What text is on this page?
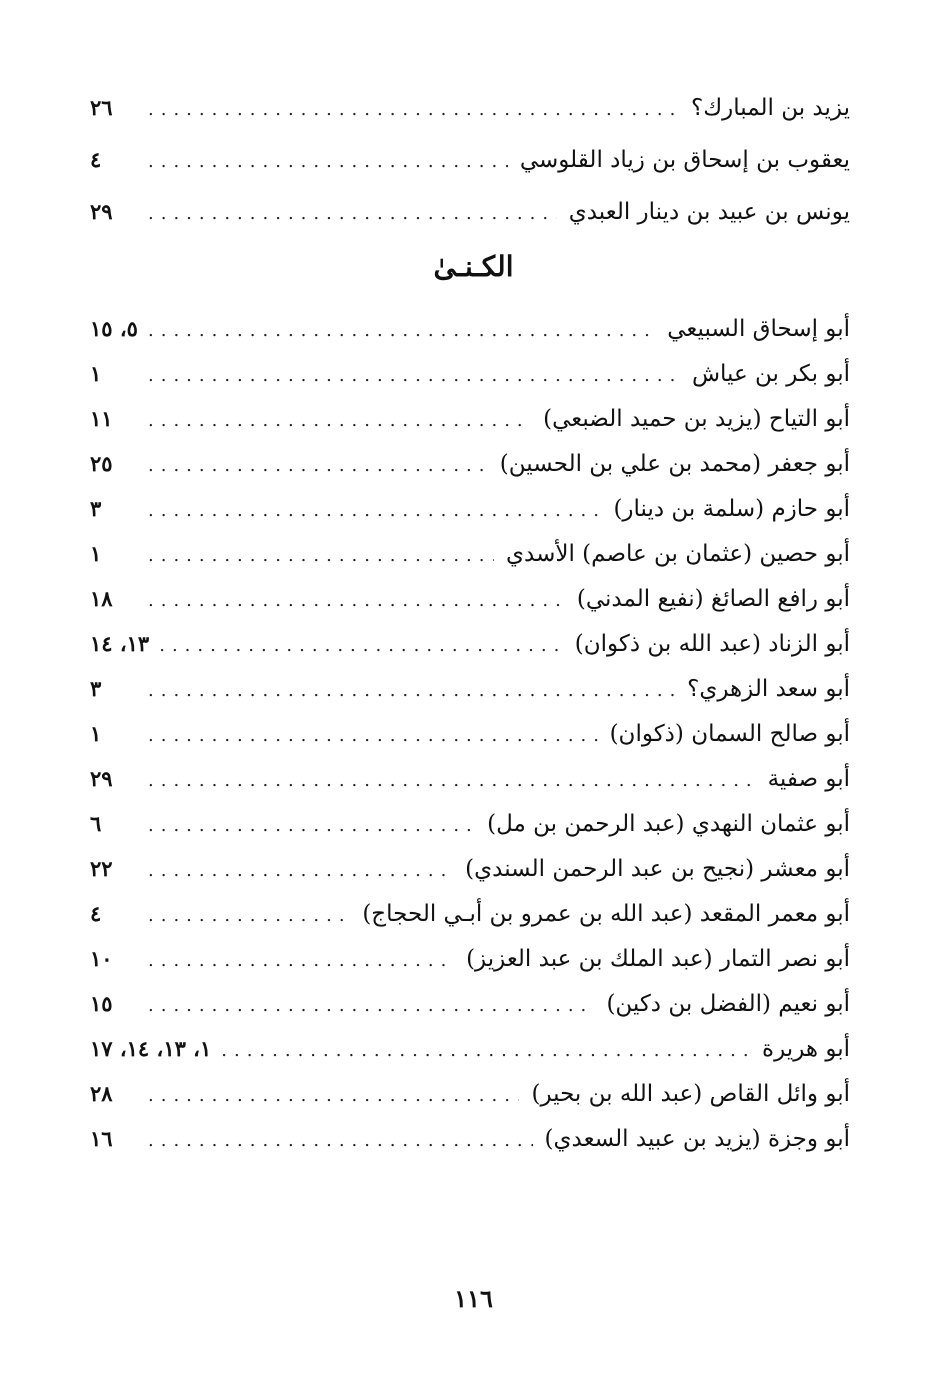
يزيد بن المبارك؟
.....
٢٦
يعقوب بن إسحاق بن زياد القلوسي
.....
٤
يونس بن عبيد بن دينار العبدي
.....
٢٩
الكـنـىٰ
أبو إسحاق السبيعي
.....
٥، ١٥
أبو بكر بن عياش
.....
١
أبو التياح (يزيد بن حميد الضبعي)
.....
١١
أبو جعفر (محمد بن علي بن الحسين)
.....
٢٥
أبو حازم (سلمة بن دينار)
.....
٣
أبو حصين (عثمان بن عاصم) الأسدي
.....
١
أبو رافع الصائغ (نفيع المدني)
.....
١٨
أبو الزناد (عبد الله بن ذكوان)
.....
١٣، ١٤
أبو سعد الزهري؟
.....
٣
أبو صالح السمان (ذكوان)
.....
١
أبو صفية
.....
٢٩
أبو عثمان النهدي (عبد الرحمن بن مل)
.....
٦
أبو معشر (نجيح بن عبد الرحمن السندي)
.....
٢٢
أبو معمر المقعد (عبد الله بن عمرو بن أبـي الحجاج)
.....
٤
أبو نصر التمار (عبد الملك بن عبد العزيز)
.....
١٠
أبو نعيم (الفضل بن دكين)
.....
١٥
أبو هريرة
.....
١، ١٣، ١٤، ١٧
أبو وائل القاص (عبد الله بن بحير)
.....
٢٨
أبو وجزة (يزيد بن عبيد السعدي)
.....
١٦
١١٦
